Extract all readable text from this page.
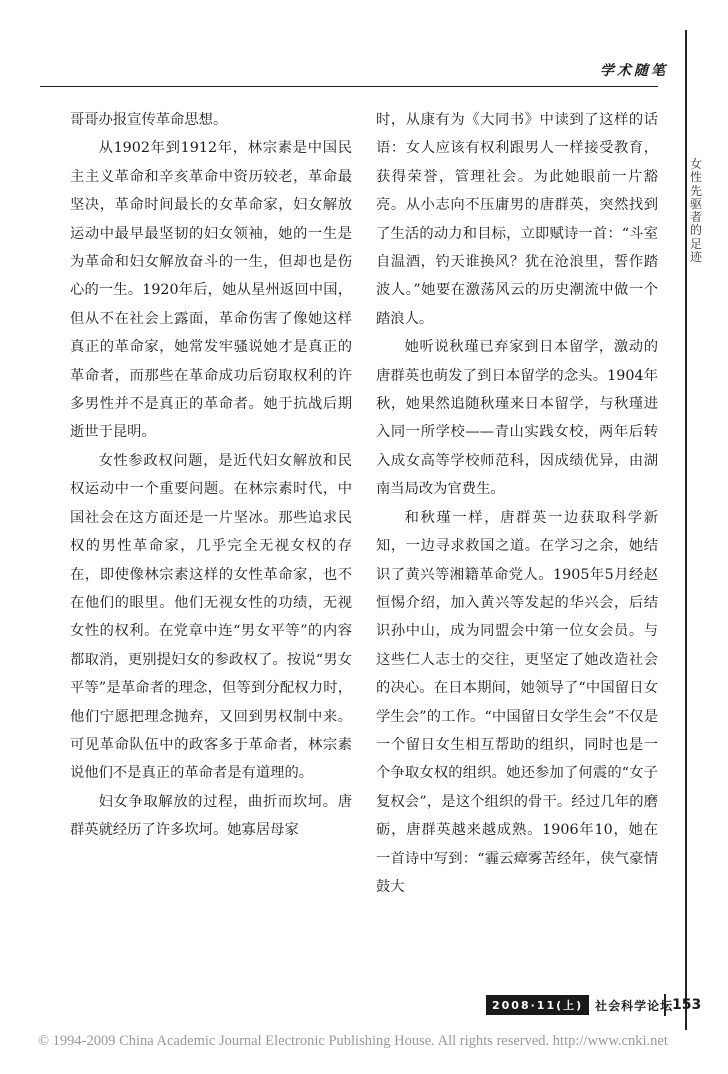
学术随笔
女性先驱者的足迹

哥哥办报宣传革命思想。

从1902年到1912年，林宗素是中国民主主义革命和辛亥革命中资历较老，革命最坚决，革命时间最长的女革命家，妇女解放运动中最早最坚韧的妇女领袖，她的一生是为革命和妇女解放奋斗的一生，但却也是伤心的一生。1920年后，她从星州返回中国，但从不在社会上露面，革命伤害了像她这样真正的革命家，她常发牢骚说她才是真正的革命者，而那些在革命成功后窃取权利的许多男性并不是真正的革命者。她于抗战后期逝世于昆明。

女性参政权问题，是近代妇女解放和民权运动中一个重要问题。在林宗素时代，中国社会在这方面还是一片坚冰。那些追求民权的男性革命家，几乎完全无视女权的存在，即使像林宗素这样的女性革命家，也不在他们的眼里。他们无视女性的功绩，无视女性的权利。在党章中连“男女平等”的内容都取消，更别提妇女的参政权了。按说“男女平等”是革命者的理念，但等到分配权力时，他们宁愿把理念抛弃，又回到男权制中来。可见革命队伍中的政客多于革命者，林宗素说他们不是真正的革命者是有道理的。

妇女争取解放的过程，曲折而坎坷。唐群英就经历了许多坎坷。她寡居母家

时，从康有为《大同书》中读到了这样的话语：女人应该有权利跟男人一样接受教育，获得荣誉，管理社会。为此她眼前一片豁亮。从小志向不压庸男的唐群英，突然找到了生活的动力和目标，立即赋诗一首：“斗室自温酒，钓天谁换风？犹在沧浪里，誓作踏波人。”她要在激荡风云的历史潮流中做一个踏浪人。

她听说秋瑾已弃家到日本留学，激动的唐群英也萌发了到日本留学的念头。1904年秋，她果然追随秋瑾来日本留学，与秋瑾进入同一所学校——青山实践女校，两年后转入成女高等学校师范科，因成绩优异，由湖南当局改为官费生。

和秋瑾一样，唐群英一边获取科学新知，一边寻求救国之道。在学习之余，她结识了黄兴等湘籍革命党人。1905年5月经赵恒惕介绍，加入黄兴等发起的华兴会，后结识孙中山，成为同盟会中第一位女会员。与这些仁人志士的交往，更坚定了她改造社会的决心。在日本期间，她领导了“中国留日女学生会”的工作。“中国留日女学生会”不仅是一个留日女生相互帮助的组织，同时也是一个争取女权的组织。她还参加了何震的“女子复权会”，是这个组织的骨干。经过几年的磨砺，唐群英越来越成熟。1906年10，她在一首诗中写到：“霾云瘴雾苦经年，侠气豪情鼓大

2008·11(上)	社会科学论坛
153
© 1994-2009 China Academic Journal Electronic Publishing House. All rights reserved. http://www.cnki.net
